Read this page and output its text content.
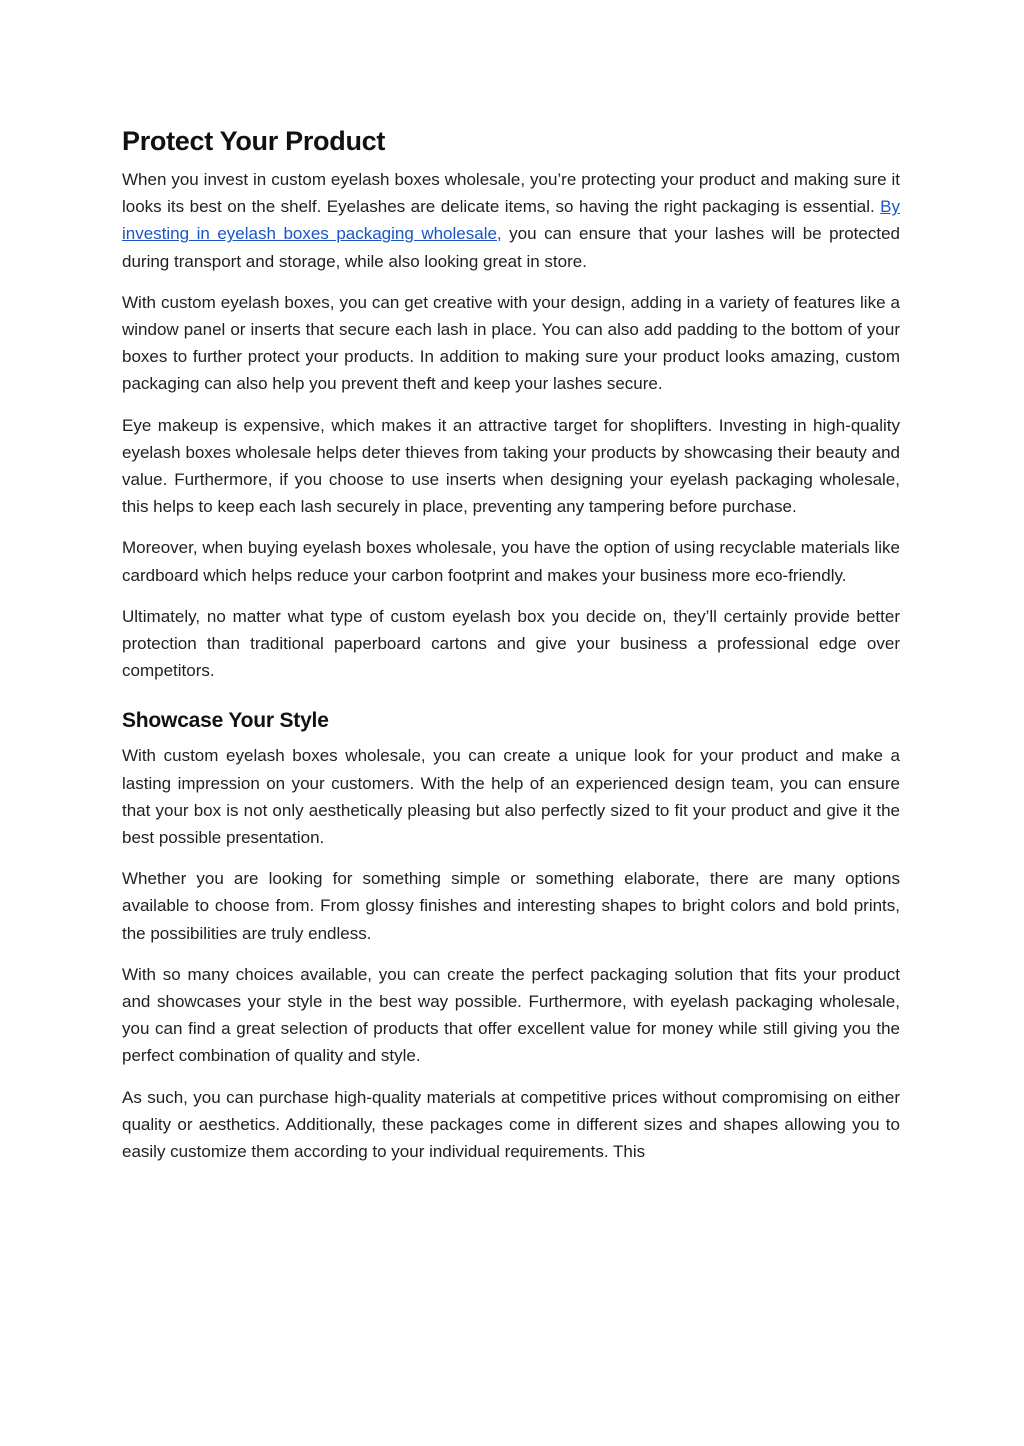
Protect Your Product

When you invest in custom eyelash boxes wholesale, you’re protecting your product and making sure it looks its best on the shelf. Eyelashes are delicate items, so having the right packaging is essential. By investing in eyelash boxes packaging wholesale, you can ensure that your lashes will be protected during transport and storage, while also looking great in store.

With custom eyelash boxes, you can get creative with your design, adding in a variety of features like a window panel or inserts that secure each lash in place. You can also add padding to the bottom of your boxes to further protect your products. In addition to making sure your product looks amazing, custom packaging can also help you prevent theft and keep your lashes secure.

Eye makeup is expensive, which makes it an attractive target for shoplifters. Investing in high-quality eyelash boxes wholesale helps deter thieves from taking your products by showcasing their beauty and value. Furthermore, if you choose to use inserts when designing your eyelash packaging wholesale, this helps to keep each lash securely in place, preventing any tampering before purchase.

Moreover, when buying eyelash boxes wholesale, you have the option of using recyclable materials like cardboard which helps reduce your carbon footprint and makes your business more eco-friendly.

Ultimately, no matter what type of custom eyelash box you decide on, they’ll certainly provide better protection than traditional paperboard cartons and give your business a professional edge over competitors.

Showcase Your Style

With custom eyelash boxes wholesale, you can create a unique look for your product and make a lasting impression on your customers. With the help of an experienced design team, you can ensure that your box is not only aesthetically pleasing but also perfectly sized to fit your product and give it the best possible presentation.

Whether you are looking for something simple or something elaborate, there are many options available to choose from. From glossy finishes and interesting shapes to bright colors and bold prints, the possibilities are truly endless.

With so many choices available, you can create the perfect packaging solution that fits your product and showcases your style in the best way possible. Furthermore, with eyelash packaging wholesale, you can find a great selection of products that offer excellent value for money while still giving you the perfect combination of quality and style.

As such, you can purchase high-quality materials at competitive prices without compromising on either quality or aesthetics. Additionally, these packages come in different sizes and shapes allowing you to easily customize them according to your individual requirements. This
